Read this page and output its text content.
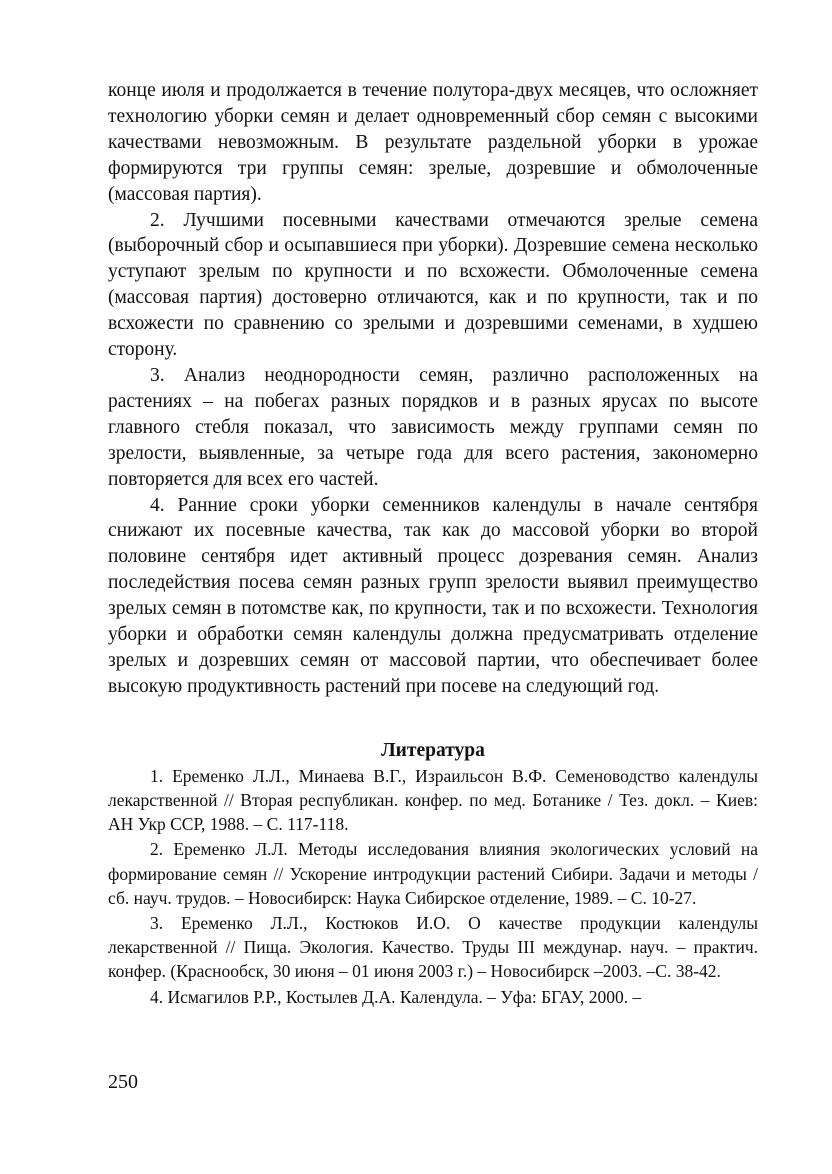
конце июля и продолжается в течение полутора-двух месяцев, что осложняет технологию уборки семян и делает одновременный сбор семян с высокими качествами невозможным. В результате раздельной уборки в урожае формируются три группы семян: зрелые, дозревшие и обмолоченные (массовая партия).

2. Лучшими посевными качествами отмечаются зрелые семена (выборочный сбор и осыпавшиеся при уборки). Дозревшие семена несколько уступают зрелым по крупности и по всхожести. Обмолоченные семена (массовая партия) достоверно отличаются, как и по крупности, так и по всхожести по сравнению со зрелыми и дозревшими семенами, в худшею сторону.

3. Анализ неоднородности семян, различно расположенных на растениях – на побегах разных порядков и в разных ярусах по высоте главного стебля показал, что зависимость между группами семян по зрелости, выявленные, за четыре года для всего растения, закономерно повторяется для всех его частей.

4. Ранние сроки уборки семенников календулы в начале сентября снижают их посевные качества, так как до массовой уборки во второй половине сентября идет активный процесс дозревания семян. Анализ последействия посева семян разных групп зрелости выявил преимущество зрелых семян в потомстве как, по крупности, так и по всхожести. Технология уборки и обработки семян календулы должна предусматривать отделение зрелых и дозревших семян от массовой партии, что обеспечивает более высокую продуктивность растений при посеве на следующий год.

Литература

1. Еременко Л.Л., Минаева В.Г., Израильсон В.Ф. Семеноводство календулы лекарственной // Вторая республикан. конфер. по мед. Ботанике / Тез. докл. – Киев: АН Укр ССР, 1988. – С. 117-118.

2. Еременко Л.Л. Методы исследования влияния экологических условий на формирование семян // Ускорение интродукции растений Сибири. Задачи и методы / сб. науч. трудов. – Новосибирск: Наука Сибирское отделение, 1989. – С. 10-27.

3. Еременко Л.Л., Костюков И.О. О качестве продукции календулы лекарственной // Пища. Экология. Качество. Труды III междунар. науч. – практич. конфер. (Краснообск, 30 июня – 01 июня 2003 г.) – Новосибирск –2003. –С. 38-42.

4. Исмагилов Р.Р., Костылев Д.А. Календула. – Уфа: БГАУ, 2000. –

250
